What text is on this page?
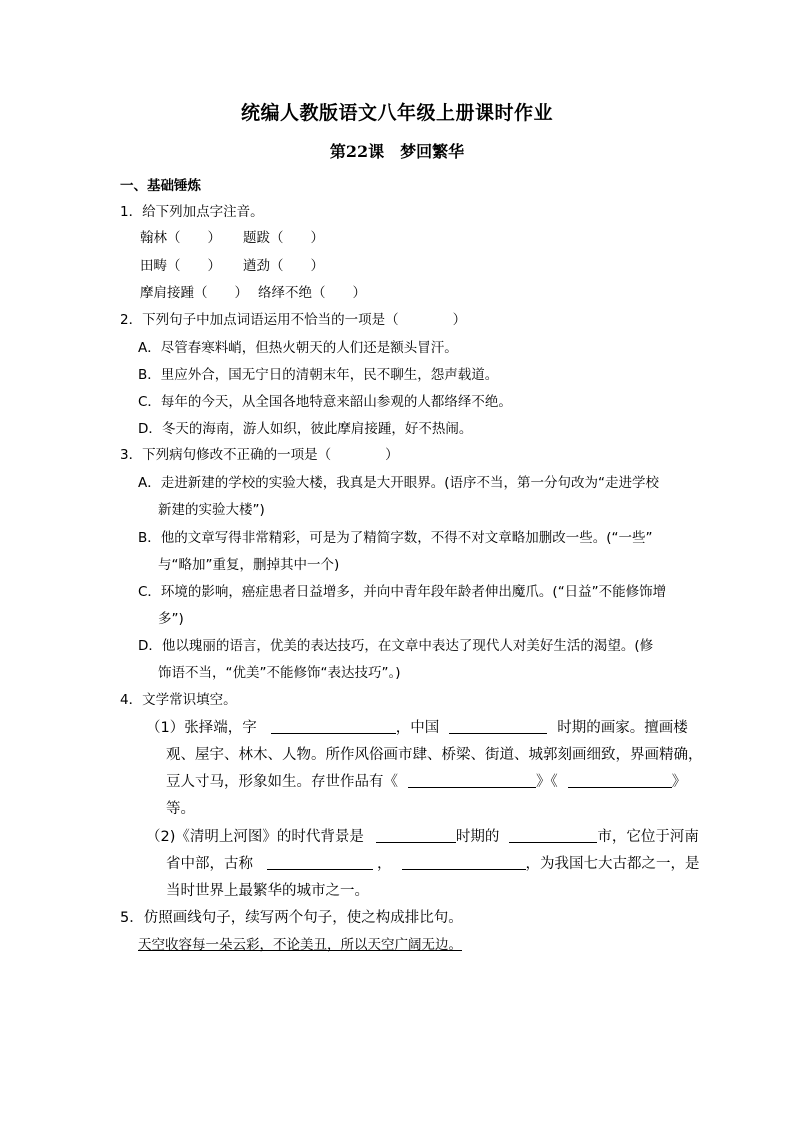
统编人教版语文八年级上册课时作业
第22课　梦回繁华
一、基础锤炼
1．给下列加点字注音。
翰林（　　） 题跋（　　）
田畴（　　） 遒劲（　　）
摩肩接踵（　　） 络绎不绝（　　）
2．下列句子中加点词语运用不恰当的一项是（　　　　）
A．尽管春寒料峭，但热火朝天的人们还是额头冒汗。
B．里应外合，国无宁日的清朝末年，民不聊生，怨声载道。
C．每年的今天，从全国各地特意来韶山参观的人都络绎不绝。
D．冬天的海南，游人如织，彼此摩肩接踵，好不热闹。
3．下列病句修改不正确的一项是（　　　　）
A．走进新建的学校的实验大楼，我真是大开眼界。(语序不当，第一分句改为“走进学校
新建的实验大楼”)
B．他的文章写得非常精彩，可是为了精简字数，不得不对文章略加删改一些。(“一些”
与“略加”重复，删掉其中一个)
C．环境的影响，癌症患者日益增多，并向中青年段年龄者伸出魔爪。(“日益”不能修饰增
多”)
D．他以瑰丽的语言，优美的表达技巧，在文章中表达了现代人对美好生活的渴望。(修
饰语不当，“优美”不能修饰“表达技巧”。)
4．文学常识填空。
（1）张择端，字	，中国	时期的画家。擅画楼
观、屋宇、林木、人物。所作风俗画市肆、桥梁、街道、城郭刻画细致，界画精确，
豆人寸马，形象如生。存世作品有《	》《	》
等。
（2)《清明上河图》的时代背景是	时期的	市，它位于河南
省中部，古称	，	，为我国七大古都之一，是
当时世界上最繁华的城市之一。
5．仿照画线句子，续写两个句子，使之构成排比句。
天空收容每一朵云彩，不论美丑，所以天空广阔无边。
